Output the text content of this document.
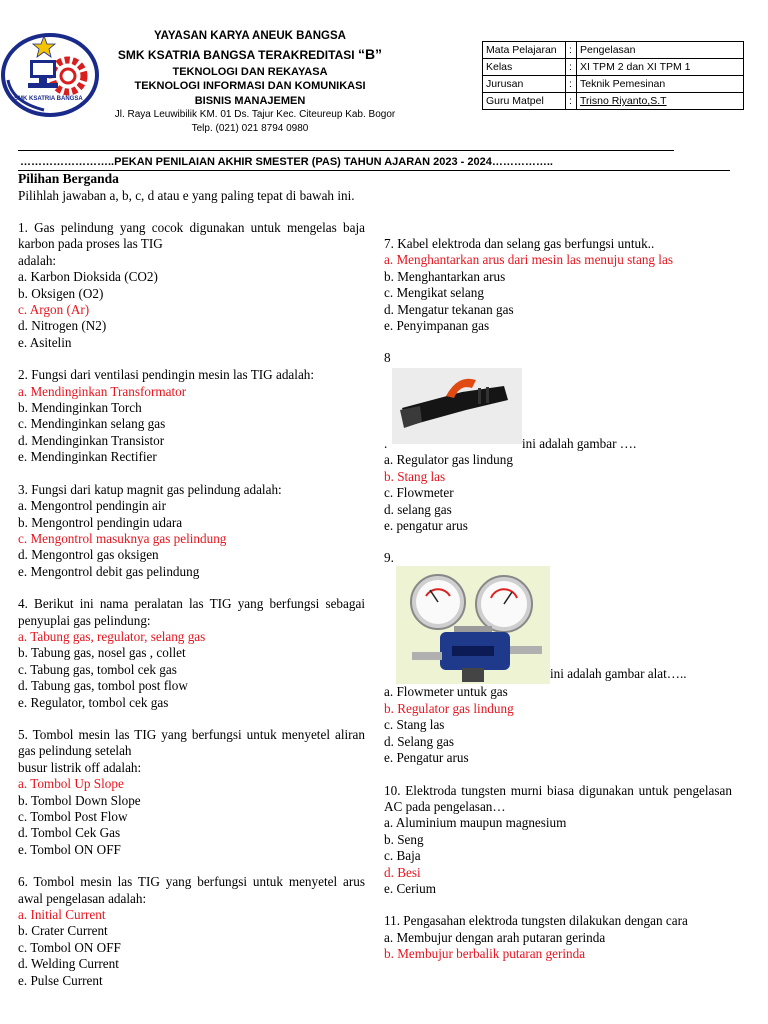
SMK KSATRIA BANGSA
YAYASAN KARYA ANEUK BANGSA
SMK KSATRIA BANGSA TERAKREDITASI “B”
TEKNOLOGI DAN REKAYASA
TEKNOLOGI INFORMASI DAN KOMUNIKASI
BISNIS MANAJEMEN
Jl. Raya Leuwibilik KM. 01 Ds. Tajur Kec. Citeureup Kab. Bogor
Telp. (021) 021 8794 0980
Mata Pelajaran	:	Pengelasan
Kelas	:	XI TPM 2 dan XI TPM 1
Jurusan	:	Teknik Pemesinan
Guru Matpel	:	Trisno Riyanto,S.T
……………………..PEKAN PENILAIAN AKHIR SMESTER (PAS) TAHUN AJARAN 2023 - 2024……………..
Pilihan Berganda
Pilihlah jawaban a, b, c, d atau e yang paling tepat di bawah ini.

1. Gas pelindung yang cocok digunakan untuk mengelas baja karbon pada proses las TIG

adalah:

a. Karbon Dioksida (CO2)

b. Oksigen (O2)

c. Argon (Ar)

d. Nitrogen (N2)

e. Asitelin

2. Fungsi dari ventilasi pendingin mesin las TIG adalah:

a. Mendinginkan Transformator

b. Mendinginkan Torch

c. Mendinginkan selang gas

d. Mendinginkan Transistor

e. Mendinginkan Rectifier

3. Fungsi dari katup magnit gas pelindung adalah:

a. Mengontrol pendingin air

b. Mengontrol pendingin udara

c. Mengontrol masuknya gas pelindung

d. Mengontrol gas oksigen

e. Mengontrol debit gas pelindung

4. Berikut ini nama peralatan las TIG yang berfungsi sebagai penyuplai gas pelindung:

a. Tabung gas, regulator, selang gas

b. Tabung gas, nosel gas , collet

c. Tabung gas, tombol cek gas

d. Tabung gas, tombol post flow

e. Regulator, tombol cek gas

5. Tombol mesin las TIG yang berfungsi untuk menyetel aliran gas pelindung setelah

busur listrik off adalah:

a. Tombol Up Slope

b. Tombol Down Slope

c. Tombol Post Flow

d. Tombol Cek Gas

e. Tombol ON OFF

6. Tombol mesin las TIG yang berfungsi untuk menyetel arus awal pengelasan adalah:

a. Initial Current

b. Crater Current

c. Tombol ON OFF

d. Welding Current

e. Pulse Current

7. Kabel elektroda dan selang gas berfungsi untuk..

a. Menghantarkan arus dari mesin las menuju stang las

b. Menghantarkan arus

c. Mengikat selang

d. Mengatur tekanan gas

e. Penyimpanan gas

8

.	ini adalah gambar ….

a. Regulator gas lindung

b. Stang las

c. Flowmeter

d. selang gas

e. pengatur arus

9.

ini adalah gambar alat…..

a. Flowmeter untuk gas

b. Regulator gas lindung

c. Stang las

d. Selang gas

e. Pengatur arus

10. Elektroda tungsten murni biasa digunakan untuk pengelasan AC pada pengelasan…

a. Aluminium maupun magnesium

b. Seng

c. Baja

d. Besi

e. Cerium

11. Pengasahan elektroda tungsten dilakukan dengan cara

a. Membujur dengan arah putaran gerinda

b. Membujur berbalik putaran gerinda
